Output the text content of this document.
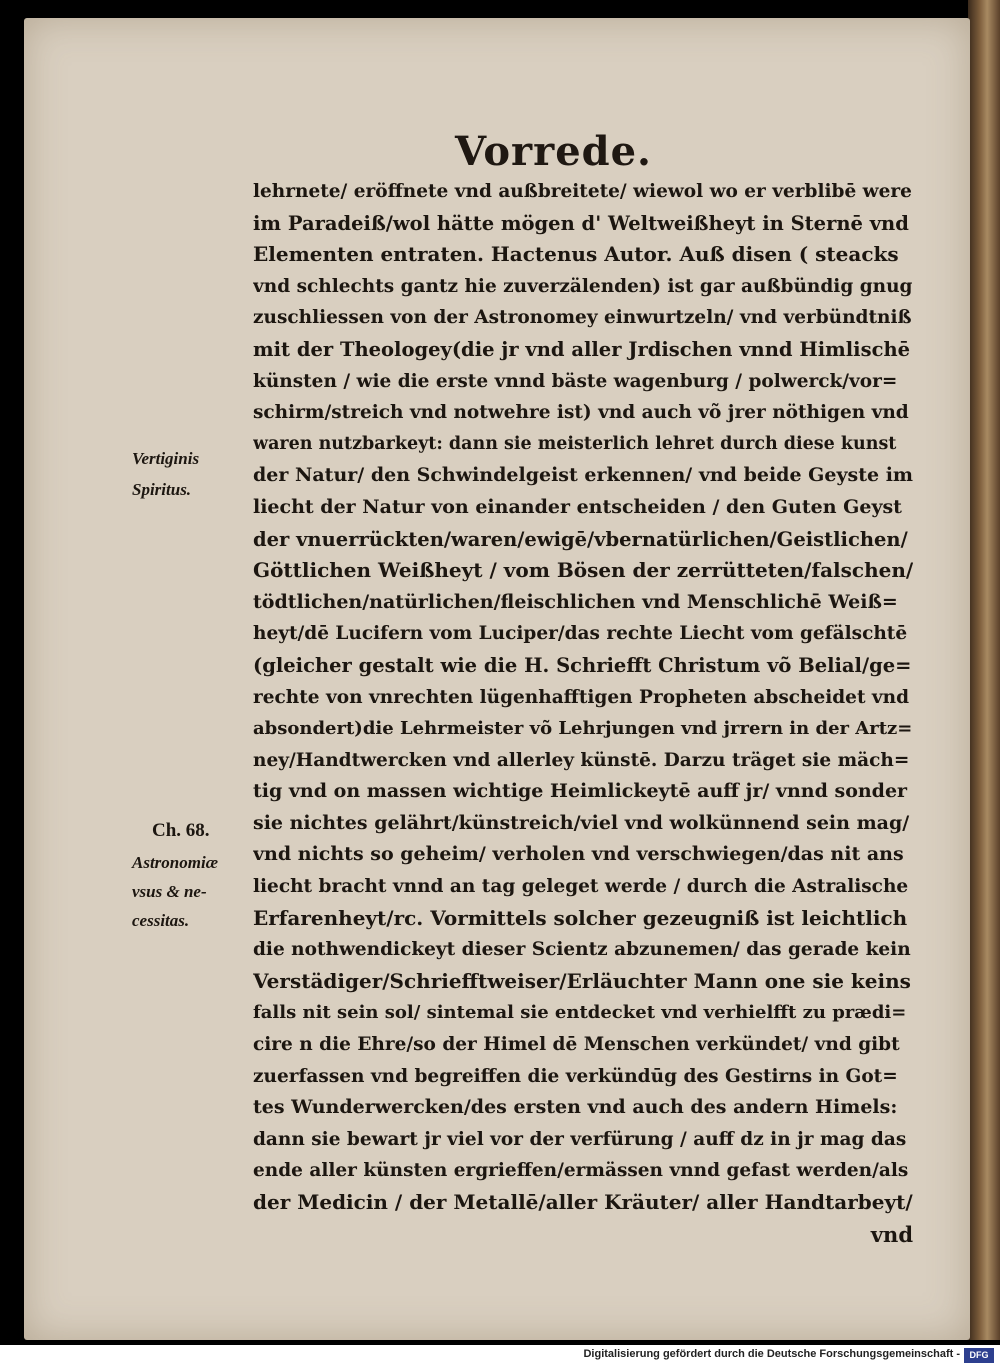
Vorrede.
lehrnete/ eröffnete vnd außbreitete/ wiewol wo er verblibē were
im Paradeiß/wol hätte mögen d' Weltweißheyt in Sternē vnd
Elementen entraten. Hactenus Autor. Auß disen ( steacks
vnd schlechts gantz hie zuverzälenden) ist gar außbündig gnug
zuschliessen von der Astronomey einwurtzeln/ vnd verbündtniß
mit der Theologey(die jr vnd aller Jrdischen vnnd Himlischē
künsten / wie die erste vnnd bäste wagenburg / polwerck/vor=
schirm/streich vnd notwehre ist) vnd auch võ jrer nöthigen vnd
waren nutzbarkeyt: dann sie meisterlich lehret durch diese kunst
der Natur/ den Schwindelgeist erkennen/ vnd beide Geyste im
liecht der Natur von einander entscheiden / den Guten Geyst
der vnuerrückten/waren/ewigē/vbernatürlichen/Geistlichen/
Göttlichen Weißheyt / vom Bösen der zerrütteten/falschen/
tödtlichen/natürlichen/fleischlichen vnd Menschlichē Weiß=
heyt/dē Lucifern vom Luciper/das rechte Liecht vom gefälschtē
(gleicher gestalt wie die H. Schriefft Christum võ Belial/ge=
rechte von vnrechten lügenhafftigen Propheten abscheidet vnd
absondert)die Lehrmeister võ Lehrjungen vnd jrrern in der Artz=
ney/Handtwercken vnd allerley künstē. Darzu träget sie mäch=
tig vnd on massen wichtige Heimlickeytē auff jr/ vnnd sonder
sie nichtes gelährt/künstreich/viel vnd wolkünnend sein mag/
vnd nichts so geheim/ verholen vnd verschwiegen/das nit ans
liecht bracht vnnd an tag geleget werde / durch die Astralische
Erfarenheyt/rc. Vormittels solcher gezeugniß ist leichtlich
die nothwendickeyt dieser Scientz abzunemen/ das gerade kein
Verstädiger/Schriefftweiser/Erläuchter Mann one sie keins
falls nit sein sol/ sintemal sie entdecket vnd verhielfft zu prædi=
cire n die Ehre/so der Himel dē Menschen verkündet/ vnd gibt
zuerfassen vnd begreiffen die verkündūg des Gestirns in Got=
tes Wunderwercken/des ersten vnd auch des andern Himels:
dann sie bewart jr viel vor der verfürung / auff dz in jr mag das
ende aller künsten ergrieffen/ermässen vnnd gefast werden/als
der Medicin / der Metallē/aller Kräuter/ aller Handtarbeyt/
vnd
Vertiginis
Spiritus.
Ch. 68.
Astronomiæ
vsus & ne-
cessitas.
Digitalisierung gefördert durch die Deutsche Forschungsgemeinschaft -	DFG
